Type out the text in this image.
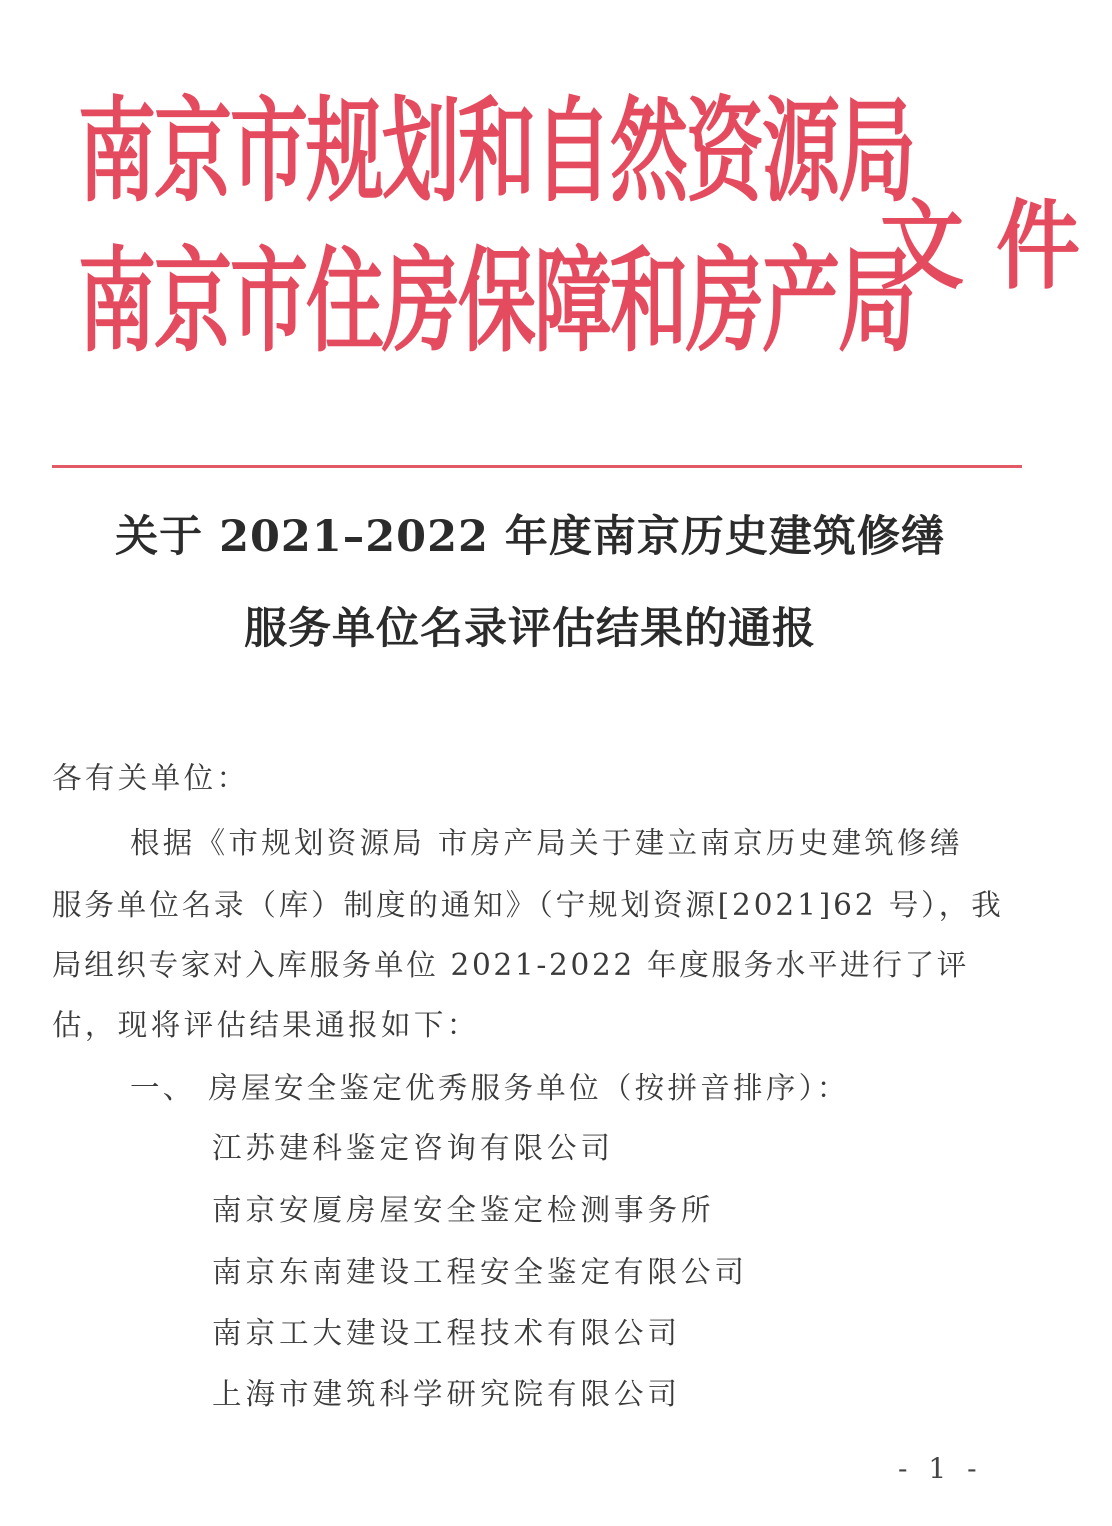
南京市规划和自然资源局
南京市住房保障和房产局
文件
关于 2021–2022 年度南京历史建筑修缮
服务单位名录评估结果的通报
各有关单位：
根据《市规划资源局 市房产局关于建立南京历史建筑修缮
服务单位名录（库）制度的通知》（宁规划资源[2021]62 号），我
局组织专家对入库服务单位 2021-2022 年度服务水平进行了评
估，现将评估结果通报如下：
一、 房屋安全鉴定优秀服务单位（按拼音排序）：
江苏建科鉴定咨询有限公司
南京安厦房屋安全鉴定检测事务所
南京东南建设工程安全鉴定有限公司
南京工大建设工程技术有限公司
上海市建筑科学研究院有限公司
- 1 -
